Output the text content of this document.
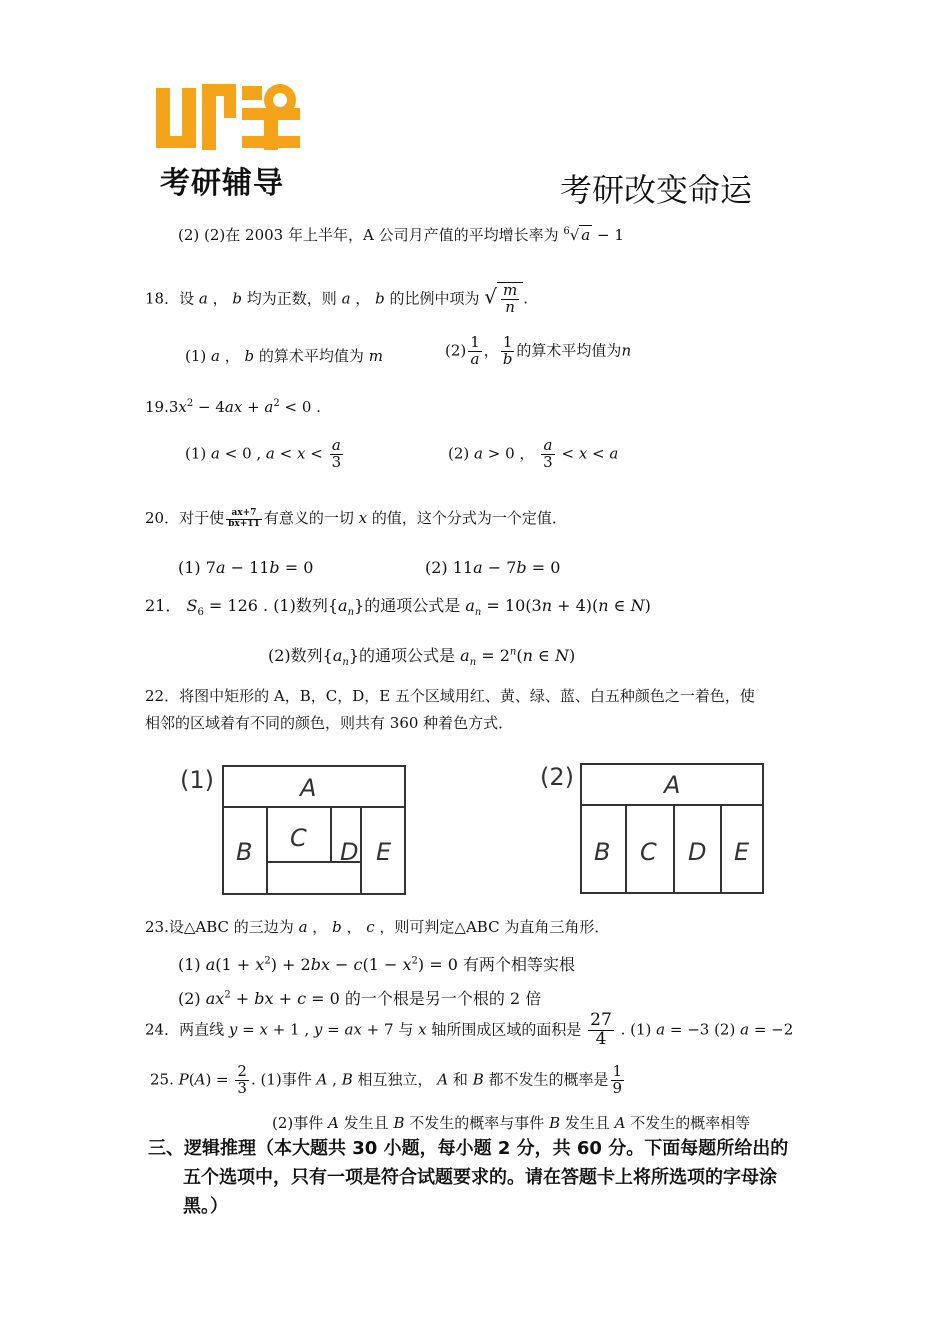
考研辅导	考研改变命运
(2) (2)在 2003 年上半年，A 公司月产值的平均增长率为 $^6$√ a − 1
18．设 a ， b 均为正数，则 a ， b 的比例中项为 √ $\frac{m}{n}$ .
(1) a ， b 的算术平均值为 m	$(2) \frac{1}{a}$ ， $\frac{1}{b}$ 的算术平均值为n
$19.3x^2 - 4ax + a^2 < 0$ .
(1) a < 0 , $a < x < \frac{a}{3}$	(2) a > 0 ， $\frac{a}{3} < x < a$
20．对于使 $\frac{ax+7}{bx+11}$ 有意义的一切 x 的值，这个分式为一个定值．
(1) 7a − 11b = 0	(2) 11a − 7b = 0
21． $S_6 = 126$ . (1)数列$\{a_n\}$的通项公式是 $a_n = 10(3n + 4)(n$ ∈ N)
(2)数列$\{a_n\}$的通项公式是 $a_n = 2^n(n$ ∈ N)
22．将图中矩形的 A，B，C，D，E 五个区域用红、黄、绿、蓝、白五种颜色之一着色，使
相邻的区域着有不同的颜色，则共有 360 种着色方式．
(1)	A
B C D E
(2)	A
B C D E
23.设△ABC 的三边为 a ， b ， c ，则可判定△ABC 为直角三角形．
(1) $a(1 + x^2) + 2bx - c(1 - x^2) = 0$ 有两个相等实根
(2) $ax^2$ + bx + c = 0 的一个根是另一个根的 2 倍
24．两直线 y = x + 1 , y = ax + 7 与 x 轴所围成区域的面积是 $\frac{27}{4}$ . (1) a = −3 (2) a = −2
25. $P(A) = \frac{2}{3}$ . (1)事件 A , B 相互独立， A 和 B 都不发生的概率是 $\frac{1}{9}$
(2)事件 A 发生且 B 不发生的概率与事件 B 发生且 A 不发生的概率相等
三、逻辑推理（本大题共 30 小题，每小题 2 分，共 60 分。下面每题所给出的
五个选项中，只有一项是符合试题要求的。请在答题卡上将所选项的字母涂
黑。）
